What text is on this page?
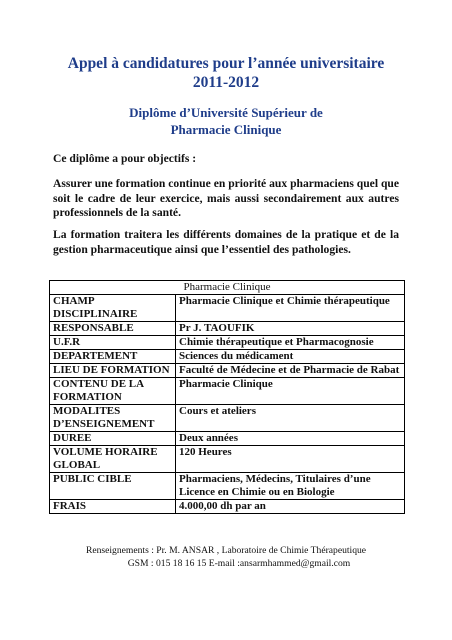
Appel à candidatures pour l’année universitaire
2011-2012
Diplôme d’Université Supérieur de
Pharmacie Clinique
Ce diplôme a pour objectifs :
Assurer une formation continue en priorité aux pharmaciens quel que soit le cadre de leur exercice, mais aussi secondairement aux autres professionnels de la santé.
La formation traitera les différents domaines de la pratique et de la gestion pharmaceutique ainsi que l’essentiel des pathologies.
Pharmacie Clinique	
CHAMP DISCIPLINAIRE	Pharmacie Clinique et Chimie thérapeutique
RESPONSABLE	Pr J. TAOUFIK
U.F.R	Chimie thérapeutique et Pharmacognosie
DEPARTEMENT	Sciences du médicament
LIEU DE FORMATION	Faculté de Médecine et de Pharmacie de Rabat
CONTENU DE LA FORMATION	Pharmacie Clinique
MODALITES D’ENSEIGNEMENT	Cours et ateliers
DUREE	Deux années
VOLUME HORAIRE GLOBAL	120 Heures
PUBLIC CIBLE	Pharmaciens, Médecins, Titulaires d’une Licence en Chimie ou en Biologie
FRAIS	4.000,00 dh par an
Renseignements : Pr. M. ANSAR , Laboratoire de Chimie Thérapeutique
GSM : 015 18 16 15 E-mail :ansarmhammed@gmail.com
